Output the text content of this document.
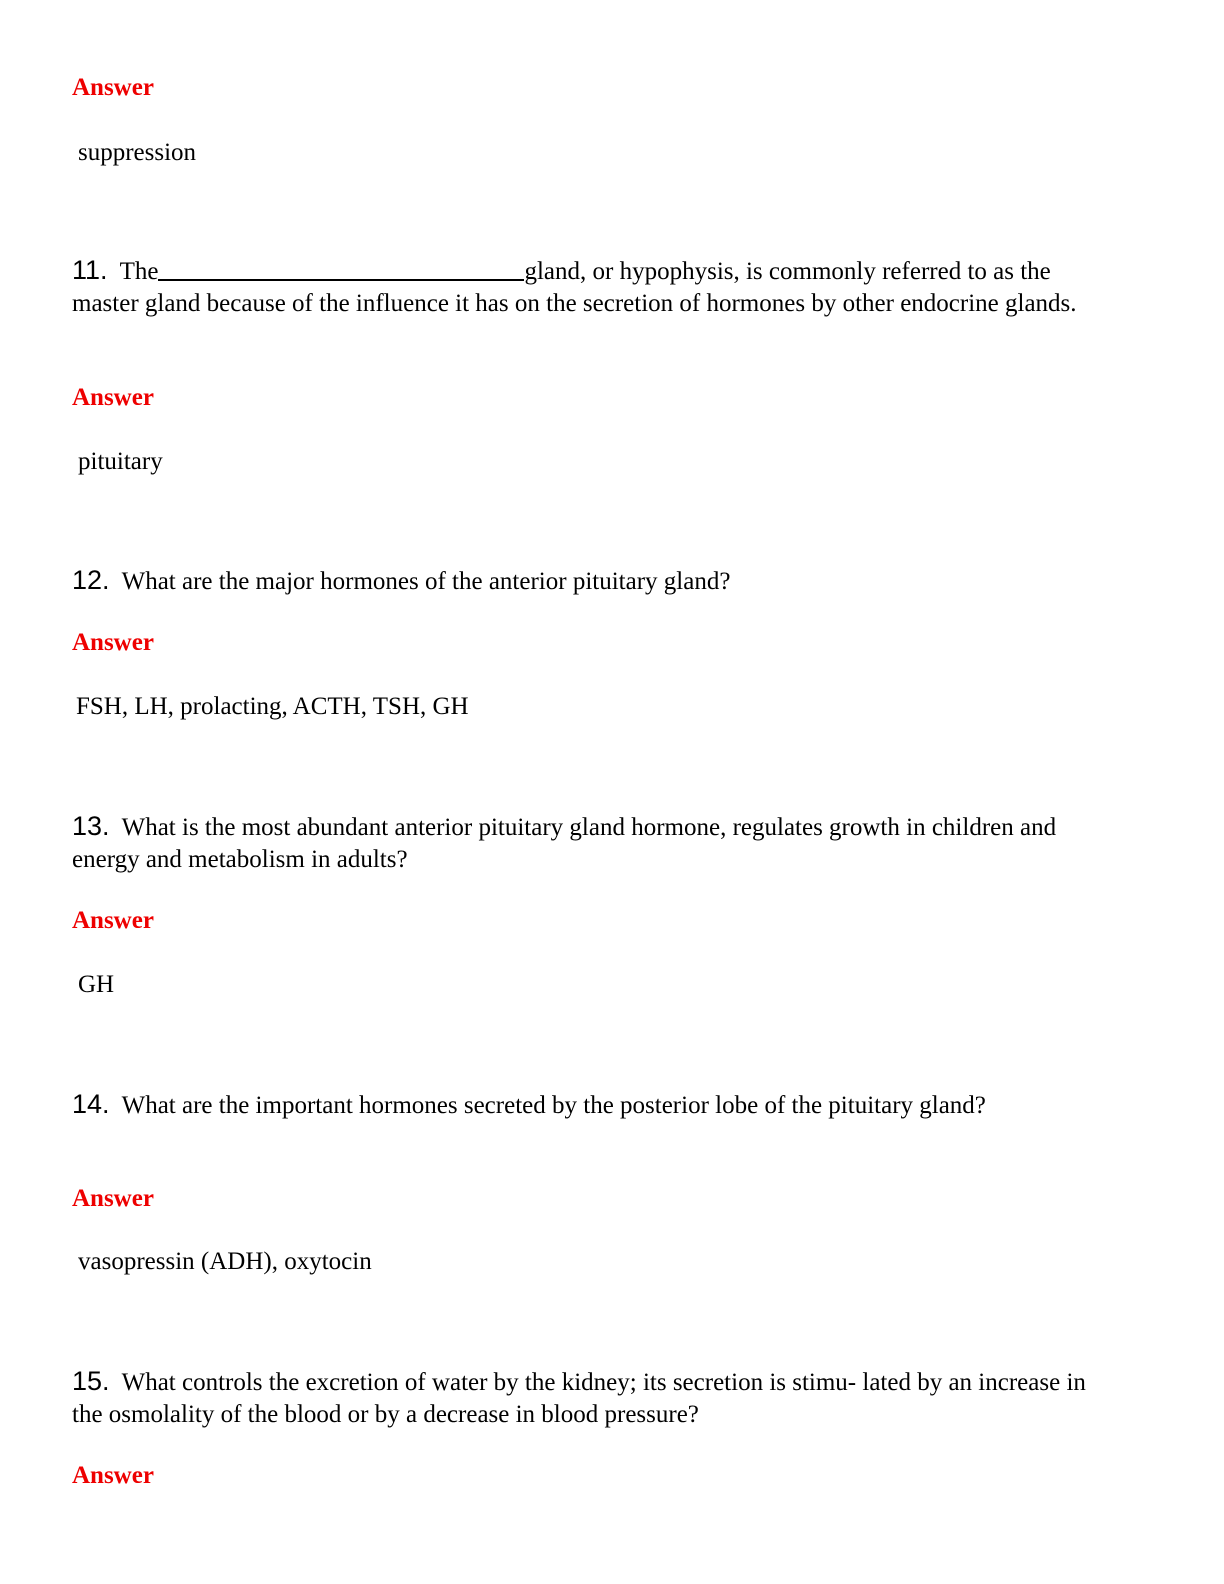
Answer

suppression

11. The	gland, or hypophysis, is commonly referred to as the master gland because of the influence it has on the secretion of hormones by other endocrine glands.

Answer

pituitary

12. What are the major hormones of the anterior pituitary gland?

Answer

FSH, LH, prolacting, ACTH, TSH, GH

13. What is the most abundant anterior pituitary gland hormone, regulates growth in children and energy and metabolism in adults?

Answer

GH

14. What are the important hormones secreted by the posterior lobe of the pituitary gland?

Answer

vasopressin (ADH), oxytocin

15. What controls the excretion of water by the kidney; its secretion is stimu- lated by an increase in the osmolality of the blood or by a decrease in blood pressure?

Answer
